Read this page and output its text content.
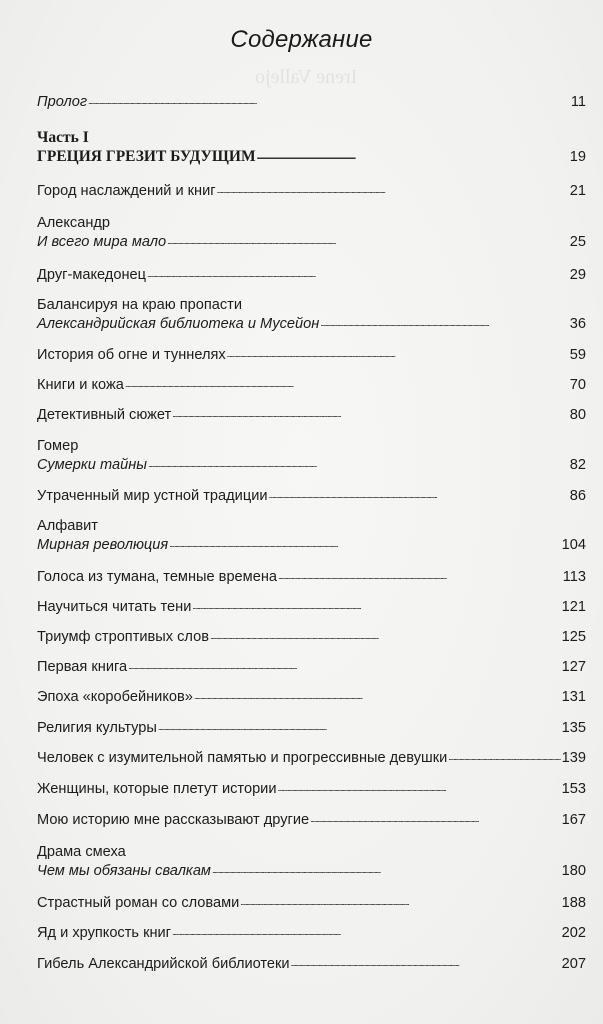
Irene Vallejo
Содержание
Пролог . . .	11
Часть I
ГРЕЦИЯ ГРЕЗИТ БУДУЩИМ . . .	19
Город наслаждений и книг . . .	21
Александр
И всего мира мало . . .	25
Друг-македонец . . .	29
Балансируя на краю пропасти
Александрийская библиотека и Мусейон . . .	36
История об огне и туннелях . . .	59
Книги и кожа . . .	70
Детективный сюжет . . .	80
Гомер
Сумерки тайны . . .	82
Утраченный мир устной традиции . . .	86
Алфавит
Мирная революция . . .	104
Голоса из тумана, темные времена . . .	113
Научиться читать тени . . .	121
Триумф строптивых слов . . .	125
Первая книга . . .	127
Эпоха «коробейников» . . .	131
Религия культуры . . .	135
Человек с изумительной памятью и прогрессивные девушки . . .	139
Женщины, которые плетут истории . . .	153
Мою историю мне рассказывают другие . . .	167
Драма смеха
Чем мы обязаны свалкам . . .	180
Страстный роман со словами . . .	188
Яд и хрупкость книг . . .	202
Гибель Александрийской библиотеки . . .	207
